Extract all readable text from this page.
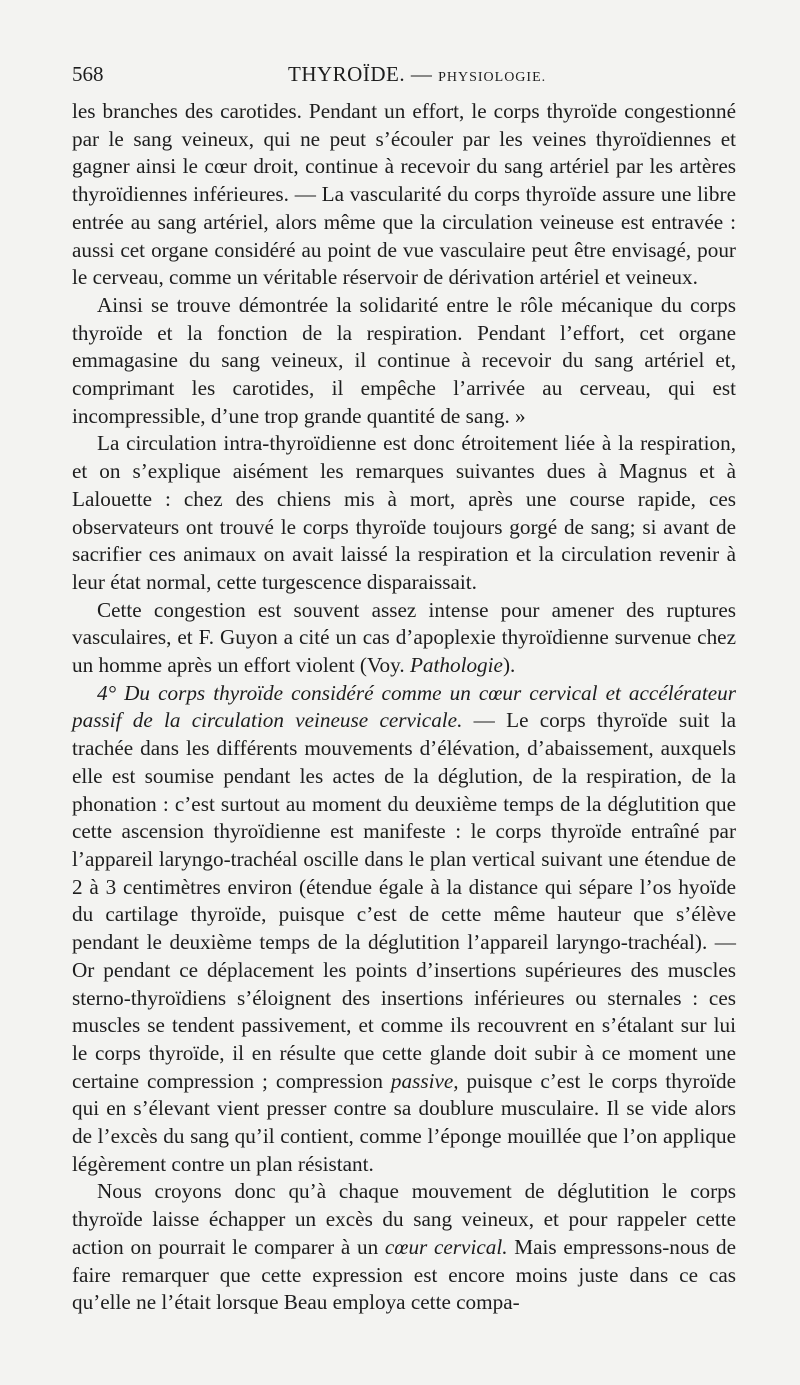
568	THYROÏDE. — PHYSIOLOGIE.

les branches des carotides. Pendant un effort, le corps thyroïde congestionné par le sang veineux, qui ne peut s’écouler par les veines thyroïdiennes et gagner ainsi le cœur droit, continue à recevoir du sang artériel par les artères thyroïdiennes inférieures. — La vascularité du corps thyroïde assure une libre entrée au sang artériel, alors même que la circulation veineuse est entravée : aussi cet organe considéré au point de vue vasculaire peut être envisagé, pour le cerveau, comme un véritable réservoir de dérivation artériel et veineux.

Ainsi se trouve démontrée la solidarité entre le rôle mécanique du corps thyroïde et la fonction de la respiration. Pendant l’effort, cet organe emmagasine du sang veineux, il continue à recevoir du sang artériel et, comprimant les carotides, il empêche l’arrivée au cerveau, qui est incompressible, d’une trop grande quantité de sang. »

La circulation intra-thyroïdienne est donc étroitement liée à la respiration, et on s’explique aisément les remarques suivantes dues à Magnus et à Lalouette : chez des chiens mis à mort, après une course rapide, ces observateurs ont trouvé le corps thyroïde toujours gorgé de sang; si avant de sacrifier ces animaux on avait laissé la respiration et la circulation revenir à leur état normal, cette turgescence disparaissait.

Cette congestion est souvent assez intense pour amener des ruptures vasculaires, et F. Guyon a cité un cas d’apoplexie thyroïdienne survenue chez un homme après un effort violent (Voy. Pathologie).

4° Du corps thyroïde considéré comme un cœur cervical et accélérateur passif de la circulation veineuse cervicale. — Le corps thyroïde suit la trachée dans les différents mouvements d’élévation, d’abaissement, auxquels elle est soumise pendant les actes de la déglution, de la respiration, de la phonation : c’est surtout au moment du deuxième temps de la déglutition que cette ascension thyroïdienne est manifeste : le corps thyroïde entraîné par l’appareil laryngo-trachéal oscille dans le plan vertical suivant une étendue de 2 à 3 centimètres environ (étendue égale à la distance qui sépare l’os hyoïde du cartilage thyroïde, puisque c’est de cette même hauteur que s’élève pendant le deuxième temps de la déglutition l’appareil laryngo-trachéal). — Or pendant ce déplacement les points d’insertions supérieures des muscles sterno-thyroïdiens s’éloignent des insertions inférieures ou sternales : ces muscles se tendent passivement, et comme ils recouvrent en s’étalant sur lui le corps thyroïde, il en résulte que cette glande doit subir à ce moment une certaine compression ; compression passive, puisque c’est le corps thyroïde qui en s’élevant vient presser contre sa doublure musculaire. Il se vide alors de l’excès du sang qu’il contient, comme l’éponge mouillée que l’on applique légèrement contre un plan résistant.

Nous croyons donc qu’à chaque mouvement de déglutition le corps thyroïde laisse échapper un excès du sang veineux, et pour rappeler cette action on pourrait le comparer à un cœur cervical. Mais empressons-nous de faire remarquer que cette expression est encore moins juste dans ce cas qu’elle ne l’était lorsque Beau employa cette compa-
